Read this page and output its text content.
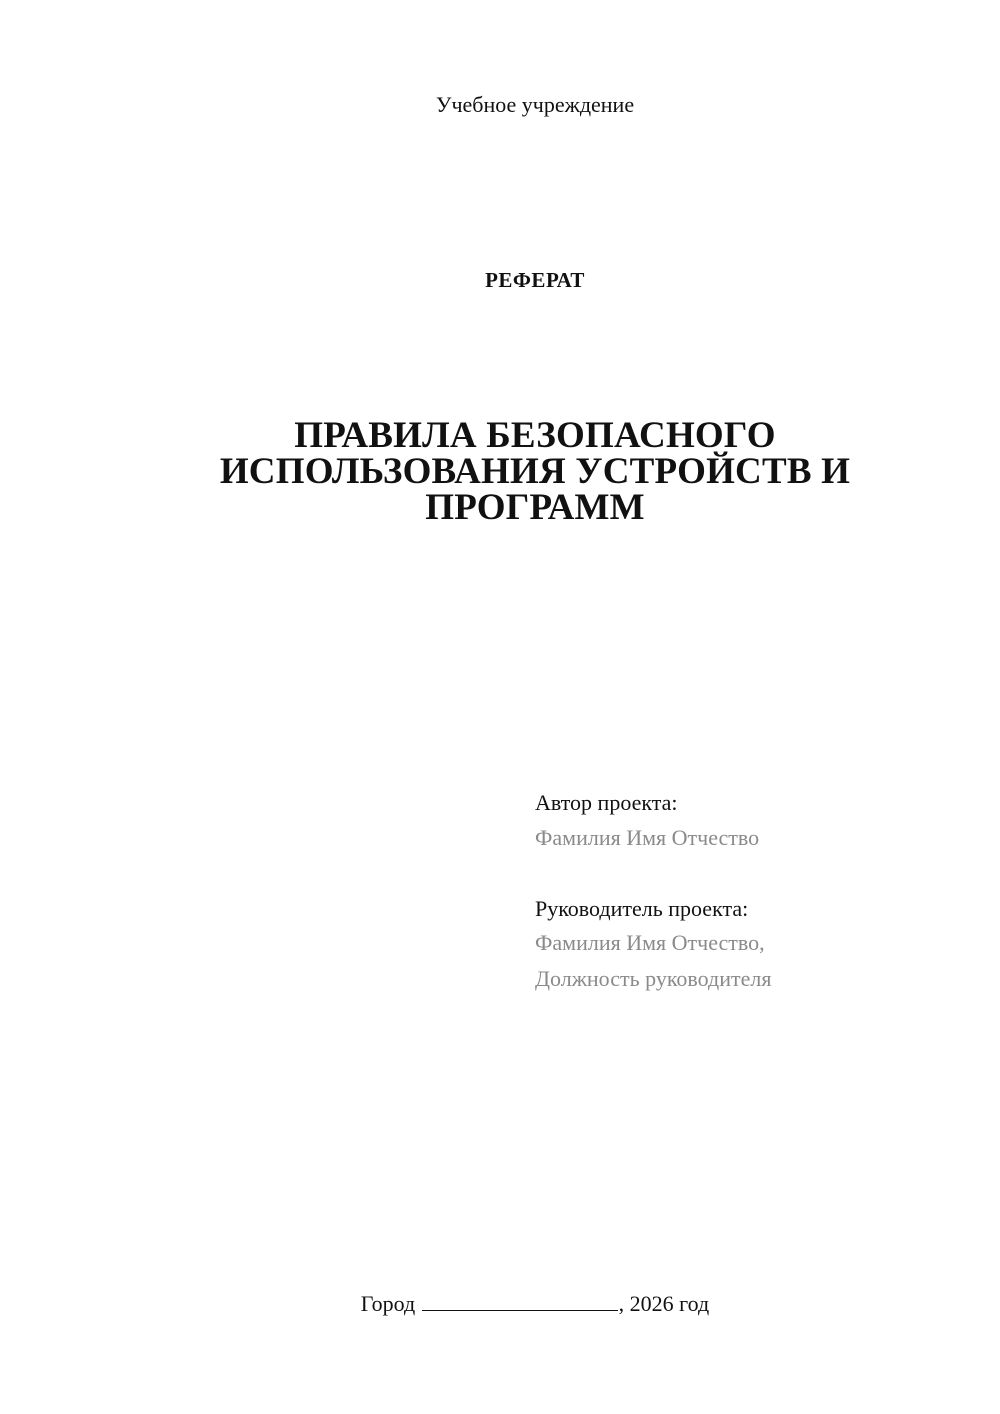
Учебное учреждение
РЕФЕРАТ
ПРАВИЛА БЕЗОПАСНОГО
ИСПОЛЬЗОВАНИЯ УСТРОЙСТВ И
ПРОГРАММ
Автор проекта:
Фамилия Имя Отчество
Руководитель проекта:
Фамилия Имя Отчество,
Должность руководителя
Город	, 2026 год
